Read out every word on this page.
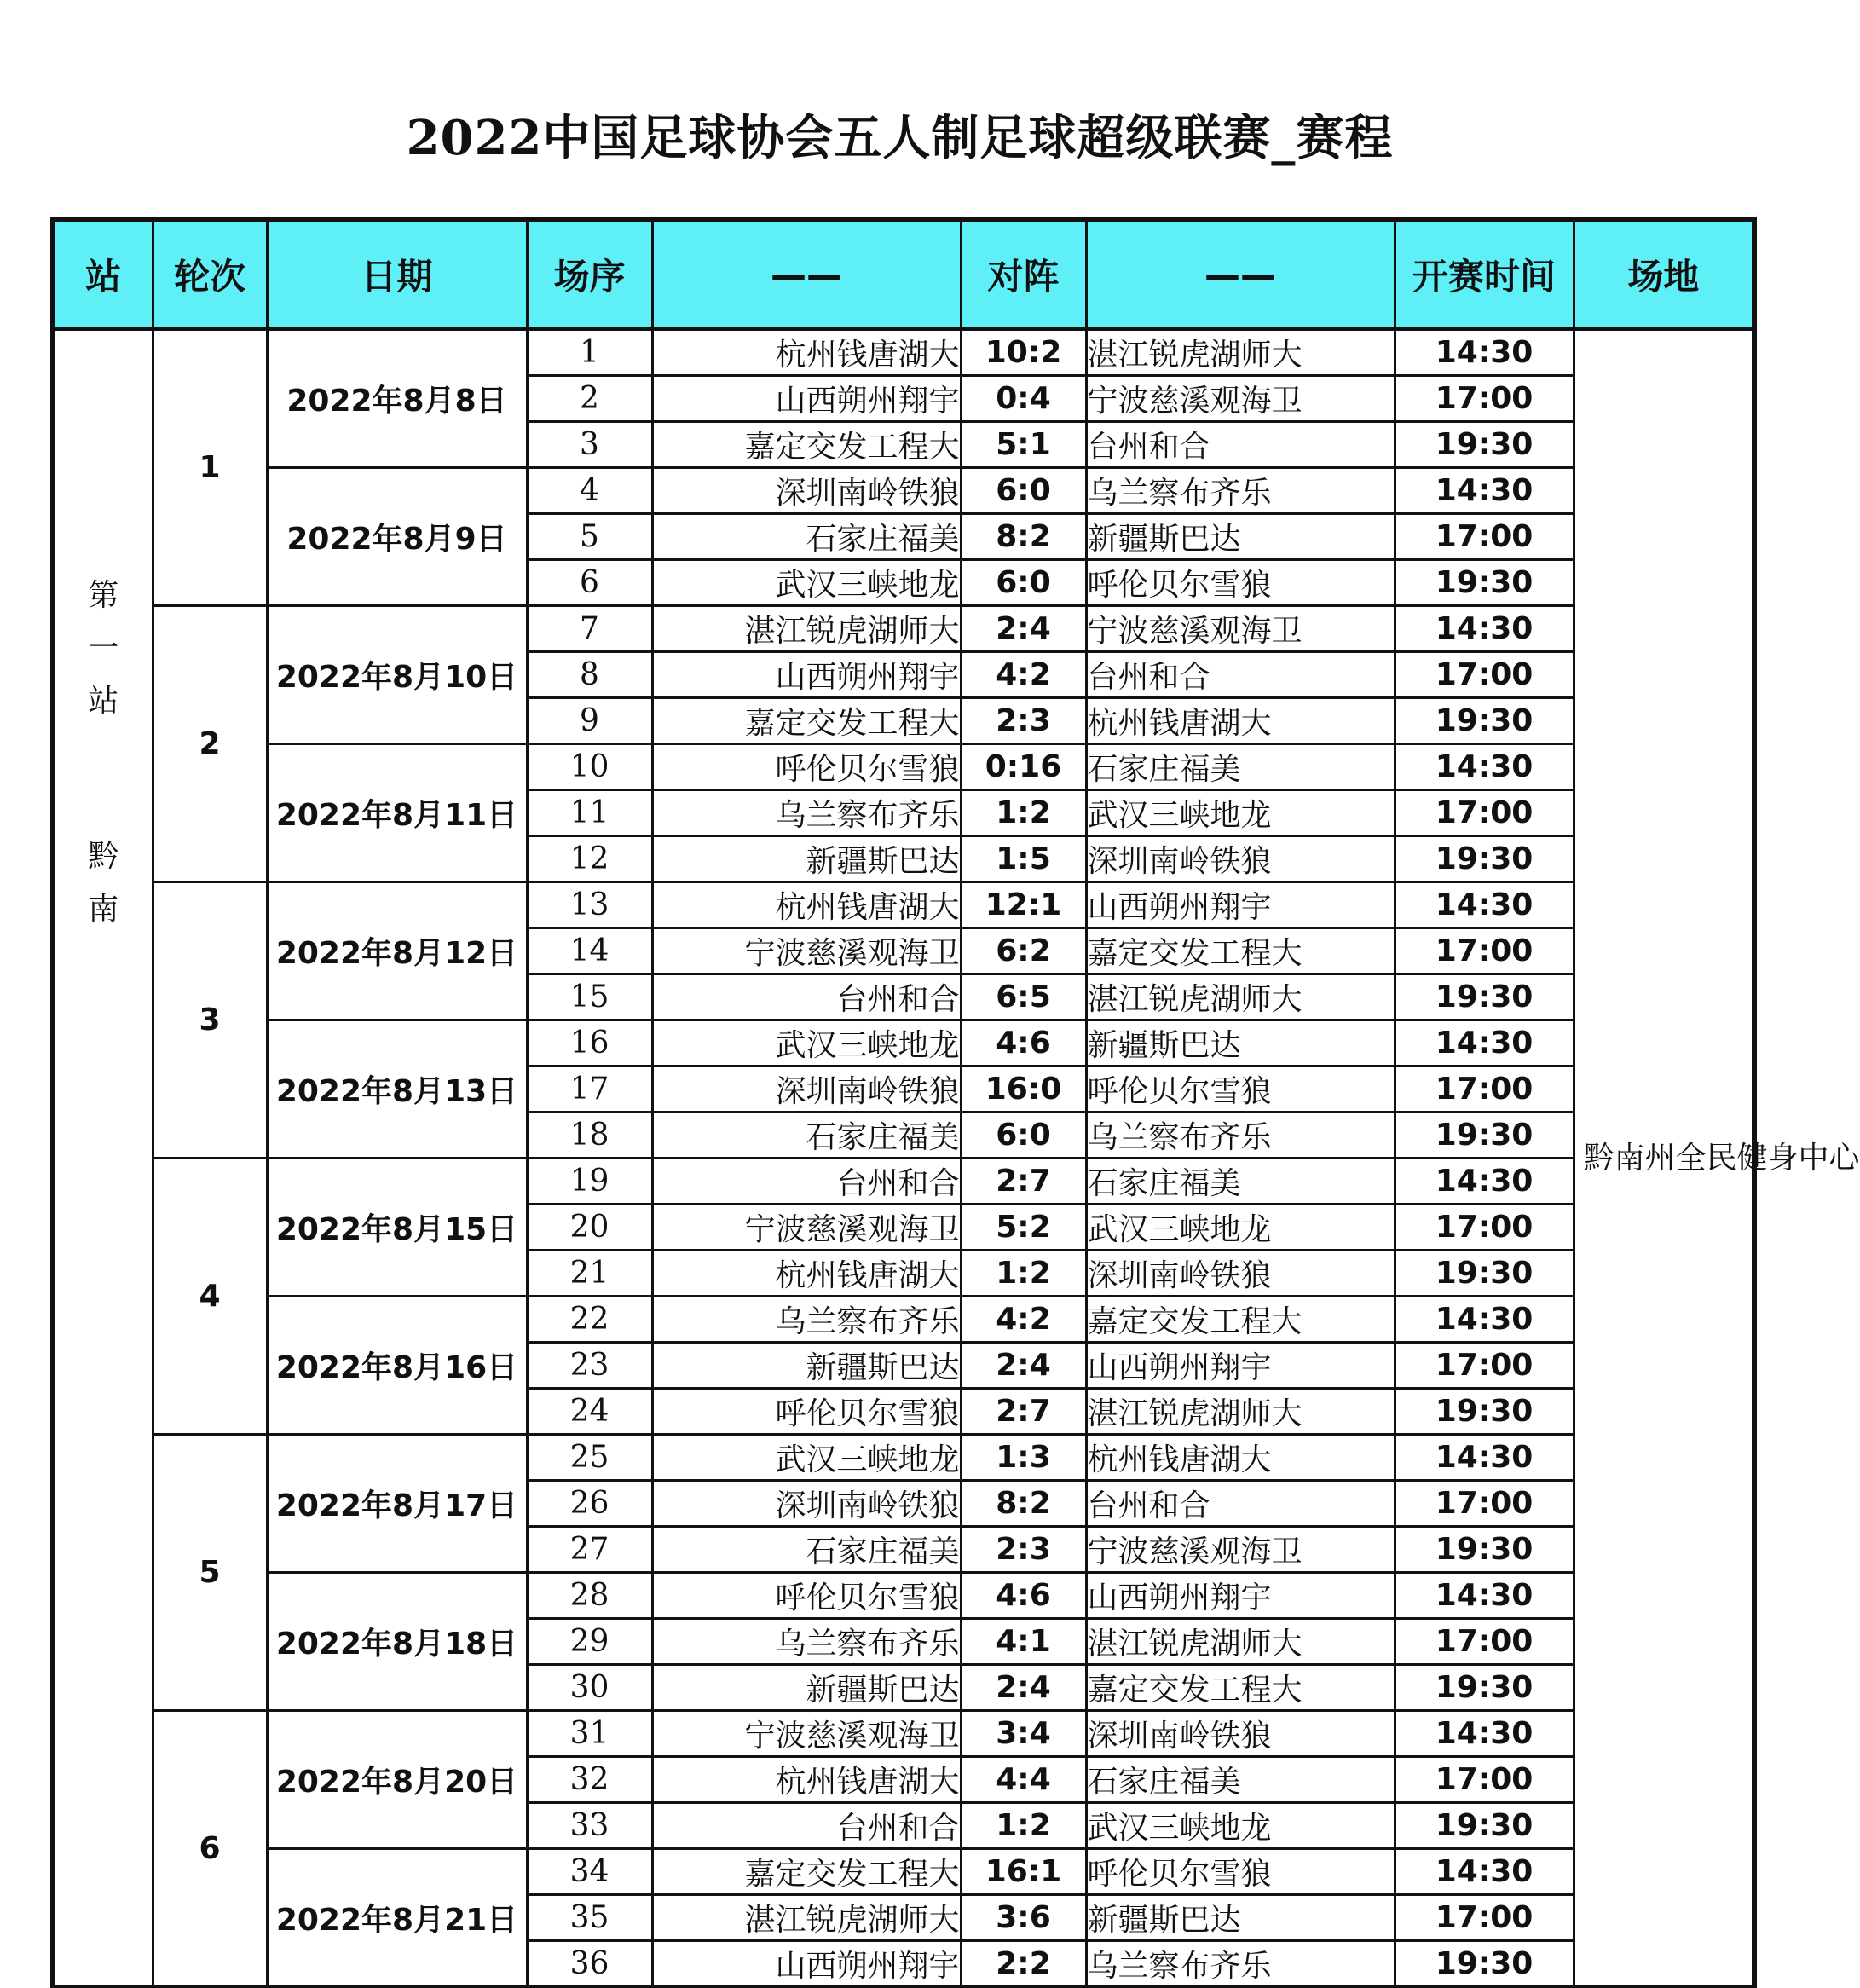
2022中国足球协会五人制足球超级联赛_赛程
站	轮次	日期	场序	——	对阵	——	开赛时间	场地

第一站
黔南	1	2022年8月8日	1	杭州钱唐湖大	10:2	湛江锐虎湖师大	14:30	黔南州全民健身中心
			2	山西朔州翔宇	0:4	宁波慈溪观海卫	17:00	
			3	嘉定交发工程大	5:1	台州和合	19:30	
		2022年8月9日	4	深圳南岭铁狼	6:0	乌兰察布齐乐	14:30	
			5	石家庄福美	8:2	新疆斯巴达	17:00	
			6	武汉三峡地龙	6:0	呼伦贝尔雪狼	19:30	
	2	2022年8月10日	7	湛江锐虎湖师大	2:4	宁波慈溪观海卫	14:30	
			8	山西朔州翔宇	4:2	台州和合	17:00	
			9	嘉定交发工程大	2:3	杭州钱唐湖大	19:30	
		2022年8月11日	10	呼伦贝尔雪狼	0:16	石家庄福美	14:30	
			11	乌兰察布齐乐	1:2	武汉三峡地龙	17:00	
			12	新疆斯巴达	1:5	深圳南岭铁狼	19:30	
	3	2022年8月12日	13	杭州钱唐湖大	12:1	山西朔州翔宇	14:30	
			14	宁波慈溪观海卫	6:2	嘉定交发工程大	17:00	
			15	台州和合	6:5	湛江锐虎湖师大	19:30	
		2022年8月13日	16	武汉三峡地龙	4:6	新疆斯巴达	14:30	
			17	深圳南岭铁狼	16:0	呼伦贝尔雪狼	17:00	
			18	石家庄福美	6:0	乌兰察布齐乐	19:30	
	4	2022年8月15日	19	台州和合	2:7	石家庄福美	14:30	
			20	宁波慈溪观海卫	5:2	武汉三峡地龙	17:00	
			21	杭州钱唐湖大	1:2	深圳南岭铁狼	19:30	
		2022年8月16日	22	乌兰察布齐乐	4:2	嘉定交发工程大	14:30	
			23	新疆斯巴达	2:4	山西朔州翔宇	17:00	
			24	呼伦贝尔雪狼	2:7	湛江锐虎湖师大	19:30	
	5	2022年8月17日	25	武汉三峡地龙	1:3	杭州钱唐湖大	14:30	
			26	深圳南岭铁狼	8:2	台州和合	17:00	
			27	石家庄福美	2:3	宁波慈溪观海卫	19:30	
		2022年8月18日	28	呼伦贝尔雪狼	4:6	山西朔州翔宇	14:30	
			29	乌兰察布齐乐	4:1	湛江锐虎湖师大	17:00	
			30	新疆斯巴达	2:4	嘉定交发工程大	19:30	
	6	2022年8月20日	31	宁波慈溪观海卫	3:4	深圳南岭铁狼	14:30	
			32	杭州钱唐湖大	4:4	石家庄福美	17:00	
			33	台州和合	1:2	武汉三峡地龙	19:30	
		2022年8月21日	34	嘉定交发工程大	16:1	呼伦贝尔雪狼	14:30	
			35	湛江锐虎湖师大	3:6	新疆斯巴达	17:00	
			36	山西朔州翔宇	2:2	乌兰察布齐乐	19:30	
